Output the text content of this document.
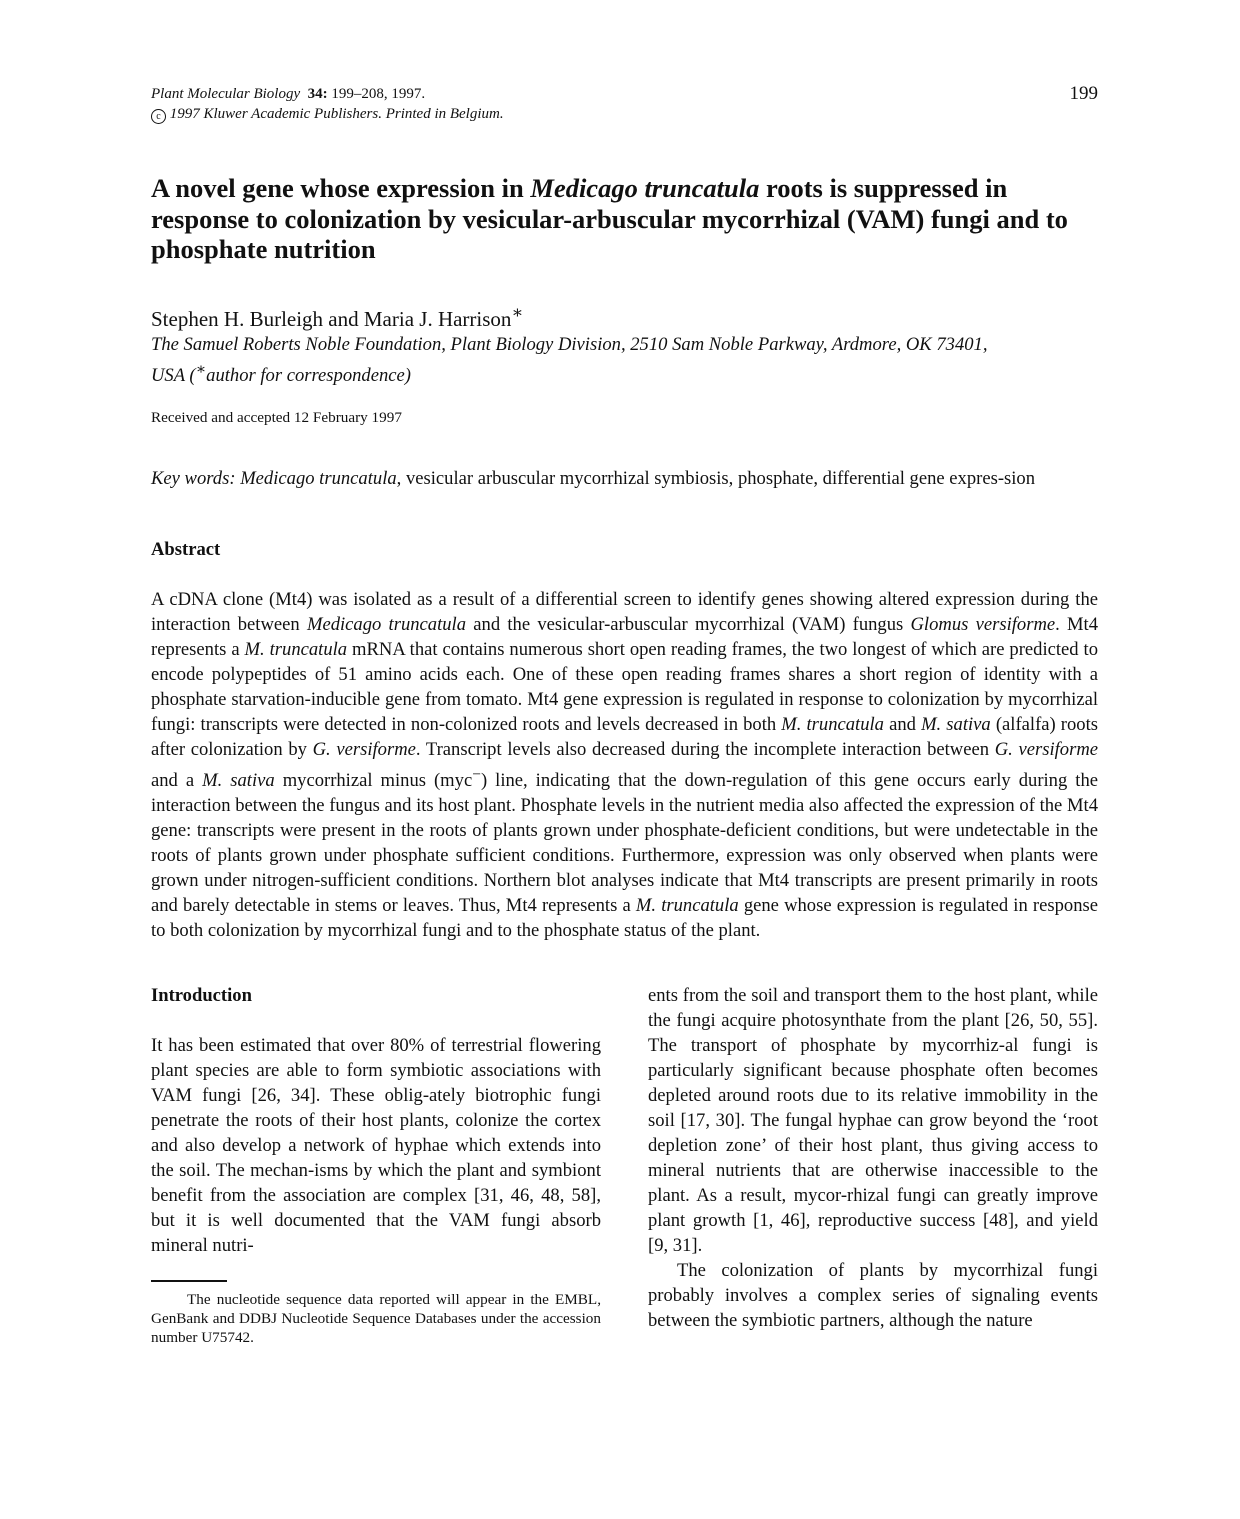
Plant Molecular Biology 34: 199–208, 1997.
c 1997 Kluwer Academic Publishers. Printed in Belgium.
199
A novel gene whose expression in Medicago truncatula roots is suppressed in response to colonization by vesicular-arbuscular mycorrhizal (VAM) fungi and to phosphate nutrition
Stephen H. Burleigh and Maria J. Harrison∗
The Samuel Roberts Noble Foundation, Plant Biology Division, 2510 Sam Noble Parkway, Ardmore, OK 73401,
USA (∗author for correspondence)
Received and accepted 12 February 1997
Key words: Medicago truncatula, vesicular arbuscular mycorrhizal symbiosis, phosphate, differential gene expres-sion
Abstract
A cDNA clone (Mt4) was isolated as a result of a differential screen to identify genes showing altered expression during the interaction between Medicago truncatula and the vesicular-arbuscular mycorrhizal (VAM) fungus Glomus versiforme. Mt4 represents a M. truncatula mRNA that contains numerous short open reading frames, the two longest of which are predicted to encode polypeptides of 51 amino acids each. One of these open reading frames shares a short region of identity with a phosphate starvation-inducible gene from tomato. Mt4 gene expression is regulated in response to colonization by mycorrhizal fungi: transcripts were detected in non-colonized roots and levels decreased in both M. truncatula and M. sativa (alfalfa) roots after colonization by G. versiforme. Transcript levels also decreased during the incomplete interaction between G. versiforme and a M. sativa mycorrhizal minus (myc−) line, indicating that the down-regulation of this gene occurs early during the interaction between the fungus and its host plant. Phosphate levels in the nutrient media also affected the expression of the Mt4 gene: transcripts were present in the roots of plants grown under phosphate-deficient conditions, but were undetectable in the roots of plants grown under phosphate sufficient conditions. Furthermore, expression was only observed when plants were grown under nitrogen-sufficient conditions. Northern blot analyses indicate that Mt4 transcripts are present primarily in roots and barely detectable in stems or leaves. Thus, Mt4 represents a M. truncatula gene whose expression is regulated in response to both colonization by mycorrhizal fungi and to the phosphate status of the plant.
Introduction
It has been estimated that over 80% of terrestrial flowering plant species are able to form symbiotic associations with VAM fungi [26, 34]. These oblig-ately biotrophic fungi penetrate the roots of their host plants, colonize the cortex and also develop a network of hyphae which extends into the soil. The mechan-isms by which the plant and symbiont benefit from the association are complex [31, 46, 48, 58], but it is well documented that the VAM fungi absorb mineral nutri-
The nucleotide sequence data reported will appear in the EMBL, GenBank and DDBJ Nucleotide Sequence Databases under the accession number U75742.
ents from the soil and transport them to the host plant, while the fungi acquire photosynthate from the plant [26, 50, 55]. The transport of phosphate by mycorrhiz-al fungi is particularly significant because phosphate often becomes depleted around roots due to its relative immobility in the soil [17, 30]. The fungal hyphae can grow beyond the ‘root depletion zone’ of their host plant, thus giving access to mineral nutrients that are otherwise inaccessible to the plant. As a result, mycor-rhizal fungi can greatly improve plant growth [1, 46], reproductive success [48], and yield [9, 31].
The colonization of plants by mycorrhizal fungi probably involves a complex series of signaling events between the symbiotic partners, although the nature
